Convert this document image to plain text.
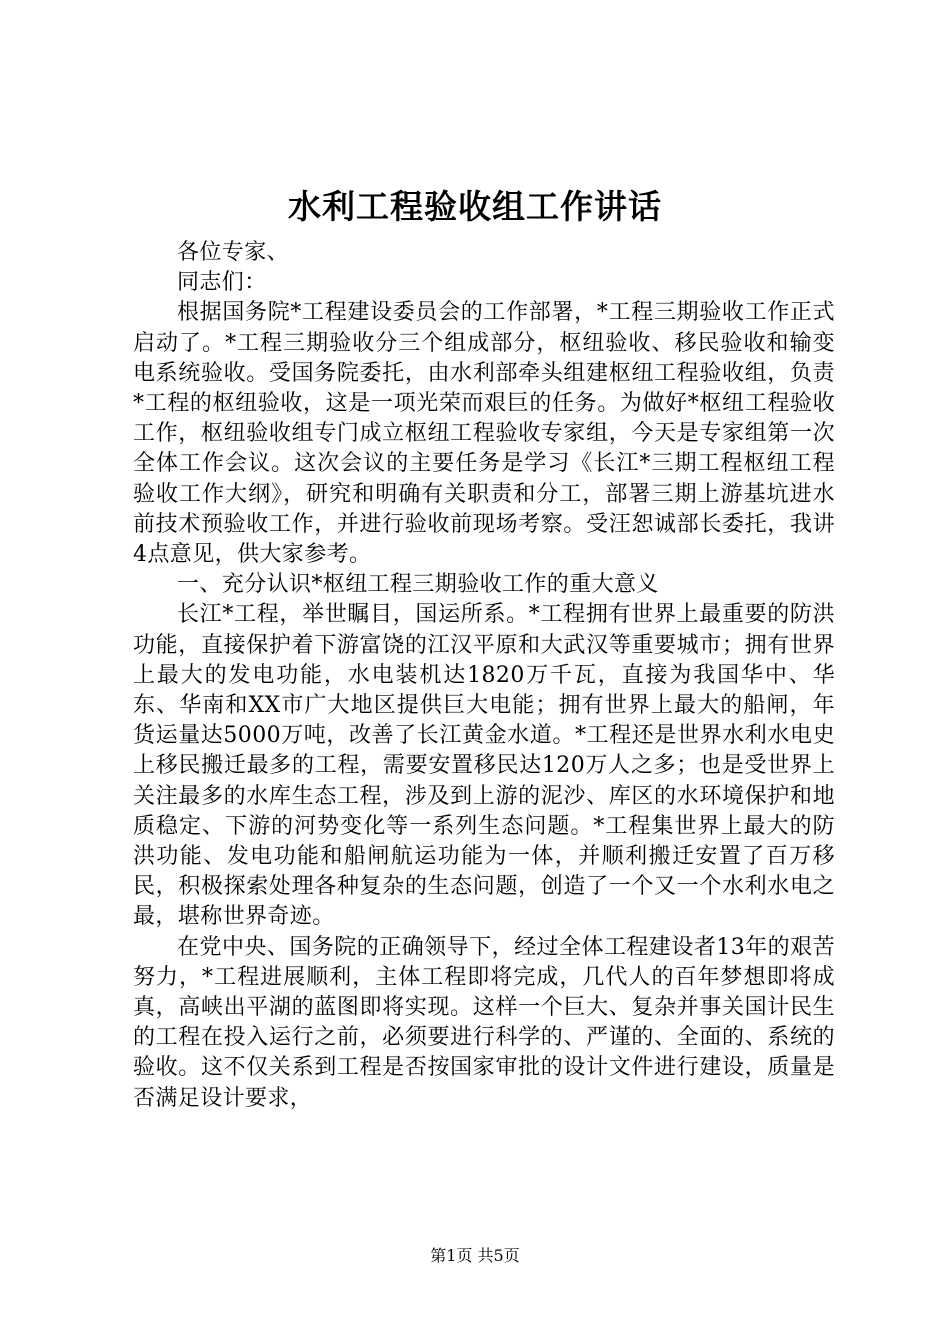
水利工程验收组工作讲话

各位专家、

同志们：

根据国务院*工程建设委员会的工作部署，*工程三期验收工作正式启动了。*工程三期验收分三个组成部分，枢纽验收、移民验收和输变电系统验收。受国务院委托，由水利部牵头组建枢纽工程验收组，负责*工程的枢纽验收，这是一项光荣而艰巨的任务。为做好*枢纽工程验收工作，枢纽验收组专门成立枢纽工程验收专家组，今天是专家组第一次全体工作会议。这次会议的主要任务是学习《长江*三期工程枢纽工程验收工作大纲》，研究和明确有关职责和分工，部署三期上游基坑进水前技术预验收工作，并进行验收前现场考察。受汪恕诚部长委托，我讲4点意见，供大家参考。

一、充分认识*枢纽工程三期验收工作的重大意义

长江*工程，举世瞩目，国运所系。*工程拥有世界上最重要的防洪功能，直接保护着下游富饶的江汉平原和大武汉等重要城市；拥有世界上最大的发电功能，水电装机达1820万千瓦，直接为我国华中、华东、华南和XX市广大地区提供巨大电能；拥有世界上最大的船闸，年货运量达5000万吨，改善了长江黄金水道。*工程还是世界水利水电史上移民搬迁最多的工程，需要安置移民达120万人之多；也是受世界上关注最多的水库生态工程，涉及到上游的泥沙、库区的水环境保护和地质稳定、下游的河势变化等一系列生态问题。*工程集世界上最大的防洪功能、发电功能和船闸航运功能为一体，并顺利搬迁安置了百万移民，积极探索处理各种复杂的生态问题，创造了一个又一个水利水电之最，堪称世界奇迹。

在党中央、国务院的正确领导下，经过全体工程建设者13年的艰苦努力，*工程进展顺利，主体工程即将完成，几代人的百年梦想即将成真，高峡出平湖的蓝图即将实现。这样一个巨大、复杂并事关国计民生的工程在投入运行之前，必须要进行科学的、严谨的、全面的、系统的验收。这不仅关系到工程是否按国家审批的设计文件进行建设，质量是否满足设计要求，

第1页 共5页
